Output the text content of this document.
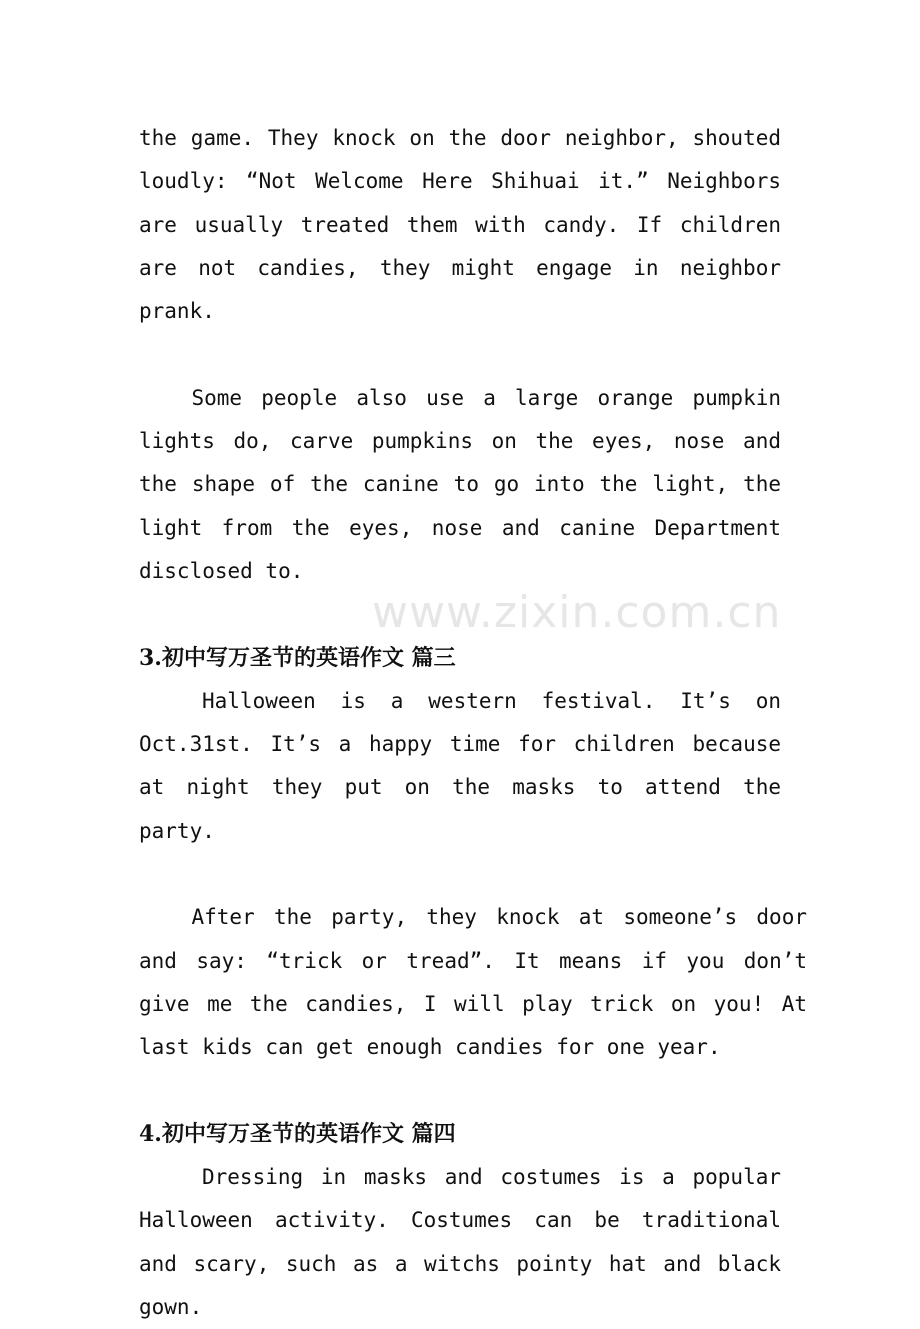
www.zixin.com.cn

the game. They knock on the door neighbor, shouted loudly: “Not Welcome Here Shihuai it.” Neighbors are usually treated them with candy. If children are not candies, they might engage in neighbor prank.

Some people also use a large orange pumpkin lights do, carve pumpkins on the eyes, nose and the shape of the canine to go into the light, the light from the eyes, nose and canine Department disclosed to.

3.初中写万圣节的英语作文 篇三

Halloween is a western festival. It’s on Oct.31st. It’s a happy time for children because at night they put on the masks to attend the party.

After the party, they knock at someone’s door and say: “trick or tread”. It means if you don’t give me the candies, I will play trick on you! At last kids can get enough candies for one year.

4.初中写万圣节的英语作文 篇四

Dressing in masks and costumes is a popular Halloween activity. Costumes can be traditional and scary, such as a witchs pointy hat and black gown.
